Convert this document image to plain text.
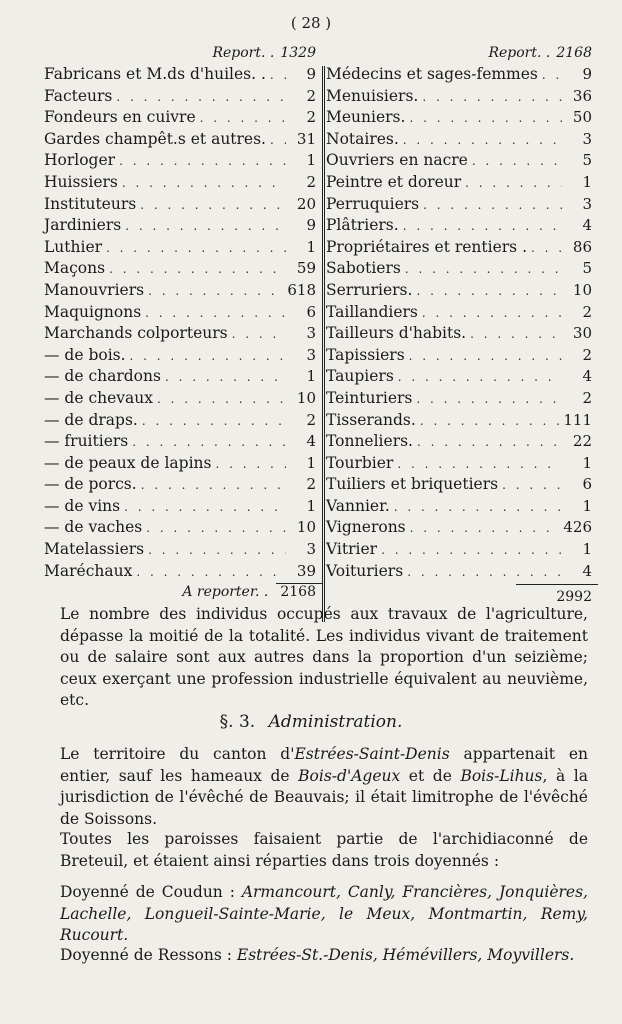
( 28 )
Report. . 1329
Fabricans et M.ds d'huiles. . . . .	9
Facteurs . . .	2
Fondeurs en cuivre . . .	2
Gardes champêt.s et autres. . . .	31
Horloger . . .	1
Huissiers . . .	2
Instituteurs . . .	20
Jardiniers . . .	9
Luthier . . .	1
Maçons . . .	59
Manouvriers . . .	618
Maquignons . . .	6
Marchands colporteurs . . .	3
— de bois. . . .	3
— de chardons . . .	1
— de chevaux . . .	10
— de draps. . . .	2
— fruitiers . . .	4
— de peaux de lapins . . .	1
— de porcs. . . .	2
— de vins . . .	1
— de vaches . . .	10
Matelassiers . . .	3
Maréchaux . . .	39
Report. . 2168
Médecins et sages-femmes . . .	9
Menuisiers. . . .	36
Meuniers. . . .	50
Notaires. . . .	3
Ouvriers en nacre . . .	5
Peintre et doreur . . .	1
Perruquiers . . .	3
Plâtriers. . . .	4
Propriétaires et rentiers . . . .	86
Sabotiers . . .	5
Serruriers. . . .	10
Taillandiers . . .	2
Tailleurs d'habits. . . .	30
Tapissiers . . .	2
Taupiers . . .	4
Teinturiers . . .	2
Tisserands. . . .	111
Tonneliers. . . .	22
Tourbier . . .	1
Tuiliers et briquetiers . . .	6
Vannier. . . .	1
Vignerons . . .	426
Vitrier . . .	1
Voituriers . . .	4
A reporter. . 2168	2992
Le nombre des individus occupés aux travaux de l'agriculture, dépasse la moitié de la totalité. Les individus vivant de traitement ou de salaire sont aux autres dans la proportion d'un seizième; ceux exerçant une profession industrielle équivalent au neuvième, etc.
§. 3. Administration.
Le territoire du canton d'Estrées-Saint-Denis appartenait en entier, sauf les hameaux de Bois-d'Ageux et de Bois-Lihus, à la jurisdiction de l'évêché de Beauvais; il était limitrophe de l'évêché de Soissons.
Toutes les paroisses faisaient partie de l'archidiaconné de Breteuil, et étaient ainsi réparties dans trois doyennés :
Doyenné de Coudun : Armancourt, Canly, Francières, Jonquières, Lachelle, Longueil-Sainte-Marie, le Meux, Montmartin, Remy, Rucourt.
Doyenné de Ressons : Estrées-St.-Denis, Hémévillers, Moyvillers.
